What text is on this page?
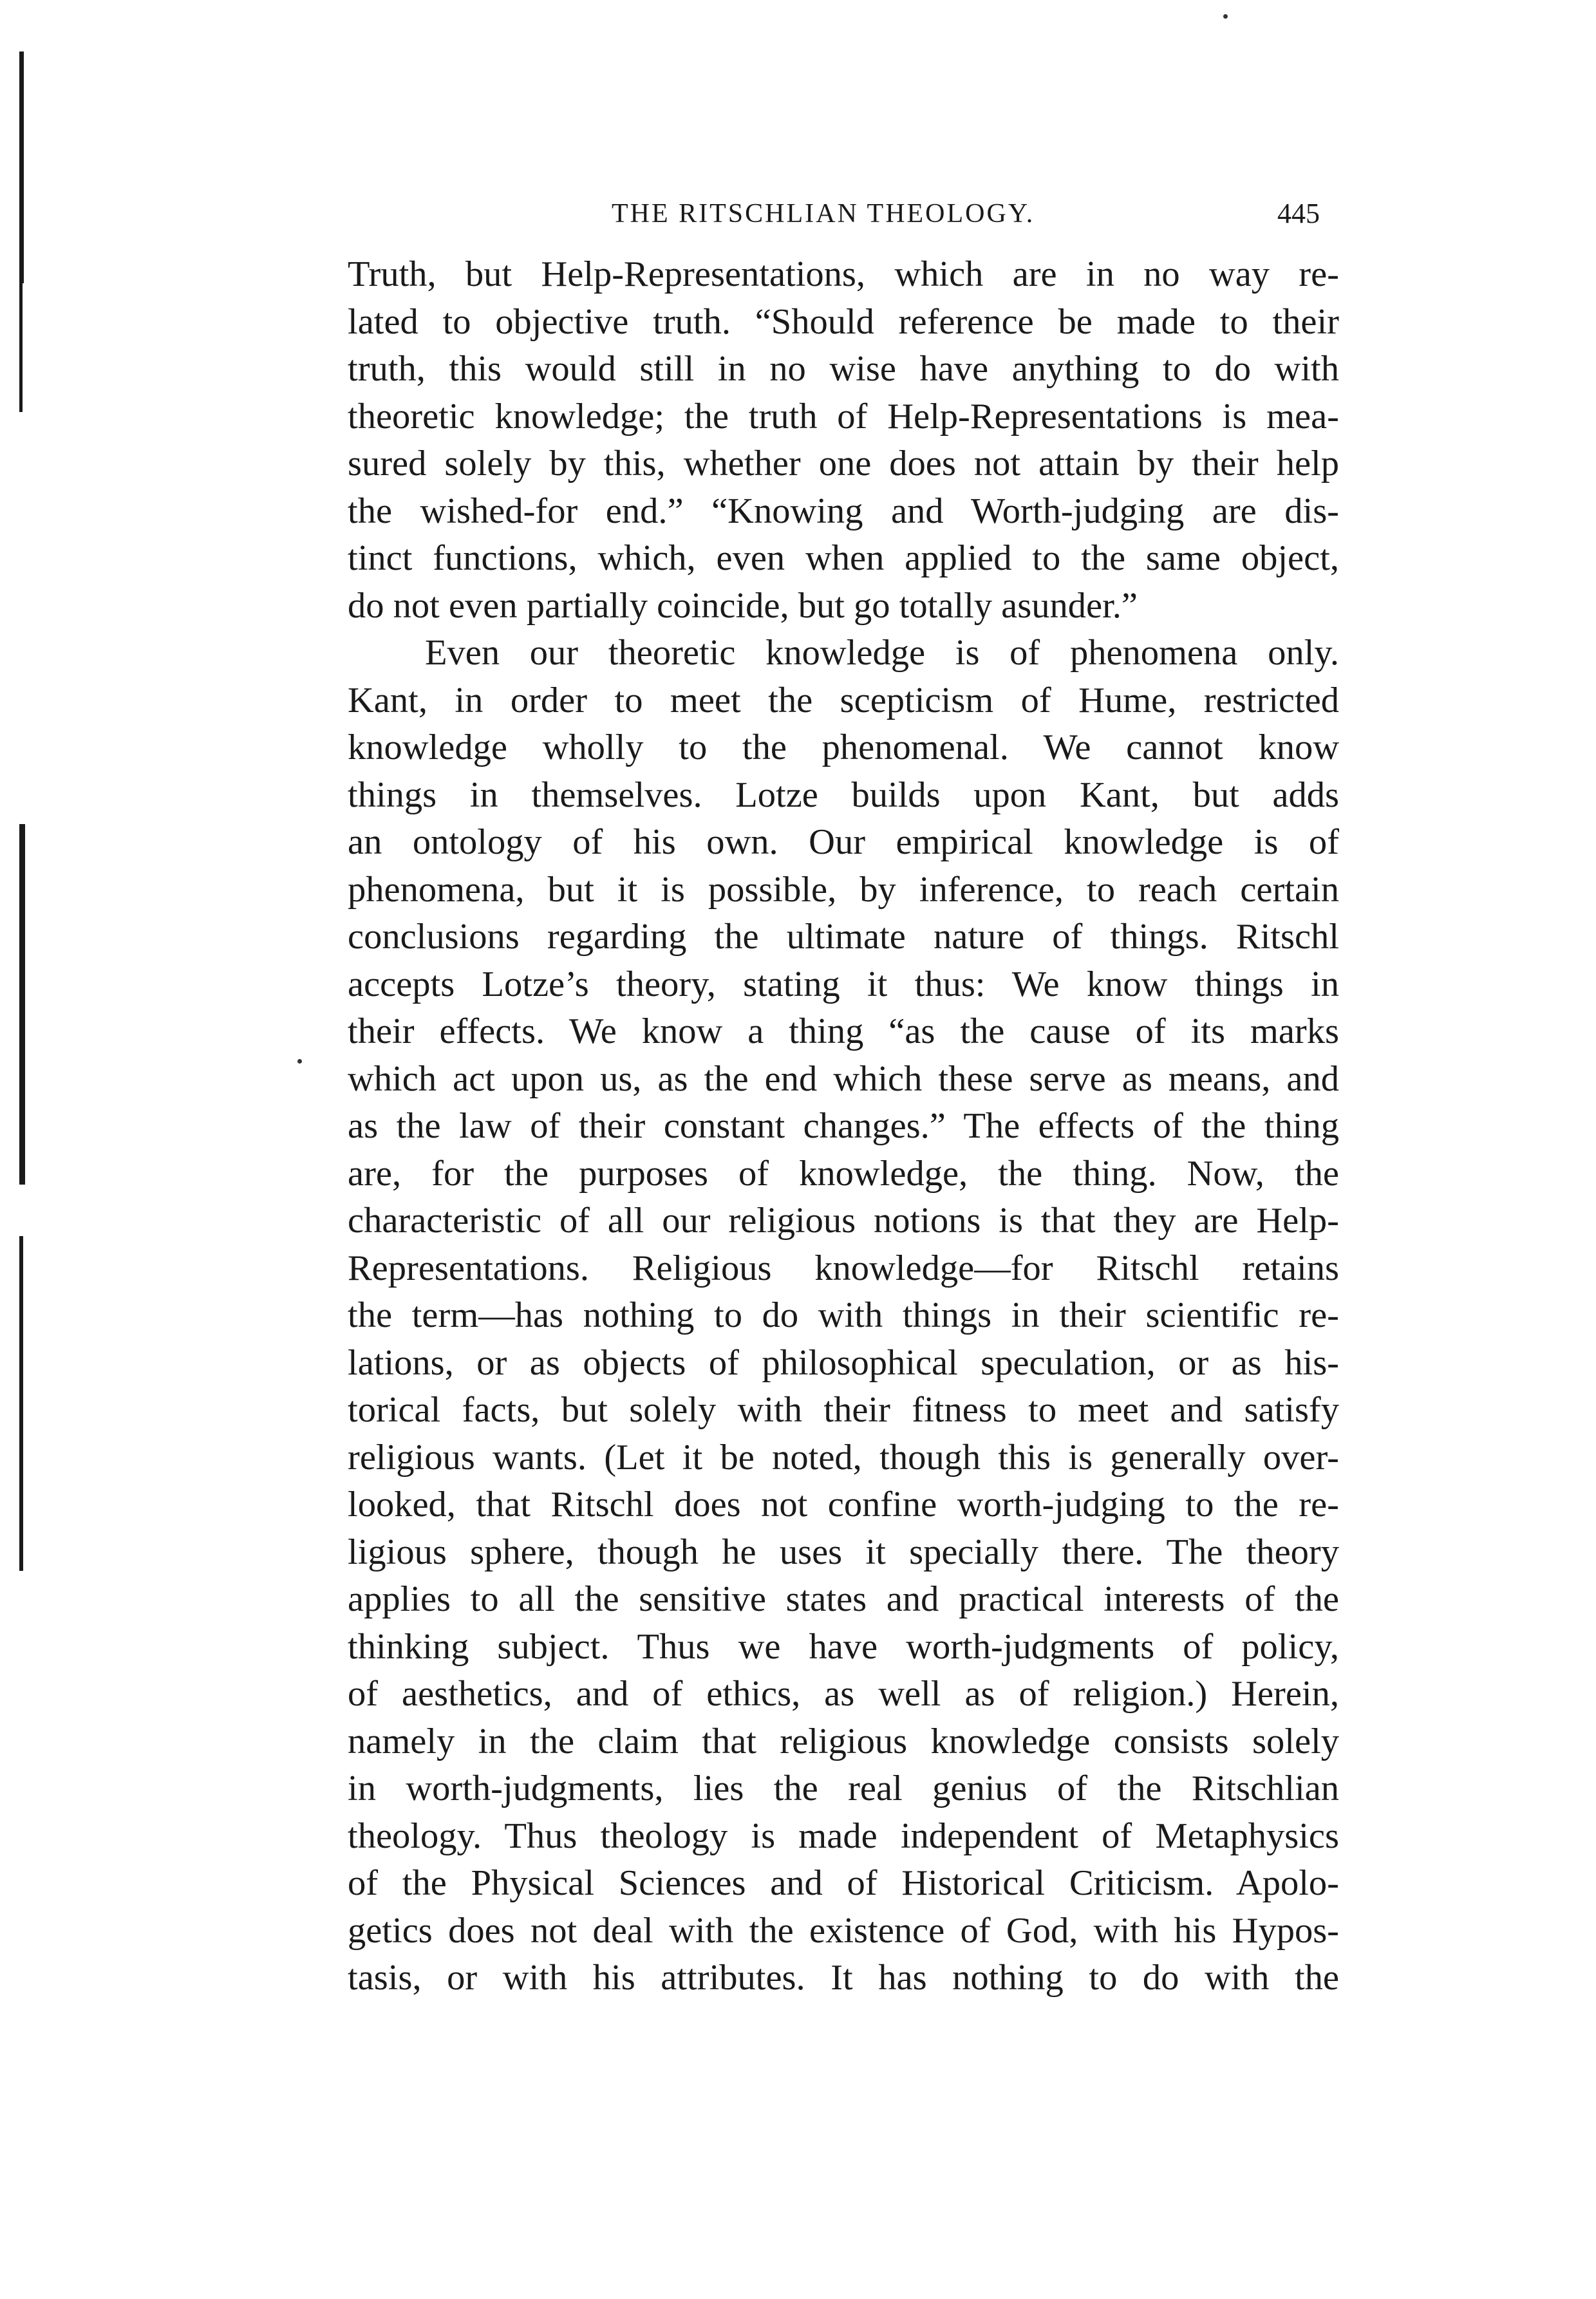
THE RITSCHLIAN THEOLOGY.	445
Truth, but Help-Representations, which are in no way re-
lated to objective truth. “Should reference be made to their
truth, this would still in no wise have anything to do with
theoretic knowledge; the truth of Help-Representations is mea-
sured solely by this, whether one does not attain by their help
the wished-for end.” “Knowing and Worth-judging are dis-
tinct functions, which, even when applied to the same object,
do not even partially coincide, but go totally asunder.”
Even our theoretic knowledge is of phenomena only.
Kant, in order to meet the scepticism of Hume, restricted
knowledge wholly to the phenomenal. We cannot know
things in themselves. Lotze builds upon Kant, but adds
an ontology of his own. Our empirical knowledge is of
phenomena, but it is possible, by inference, to reach certain
conclusions regarding the ultimate nature of things. Ritschl
accepts Lotze’s theory, stating it thus: We know things in
their effects. We know a thing “as the cause of its marks
which act upon us, as the end which these serve as means, and
as the law of their constant changes.” The effects of the thing
are, for the purposes of knowledge, the thing. Now, the
characteristic of all our religious notions is that they are Help-
Representations. Religious knowledge—for Ritschl retains
the term—has nothing to do with things in their scientific re-
lations, or as objects of philosophical speculation, or as his-
torical facts, but solely with their fitness to meet and satisfy
religious wants. (Let it be noted, though this is generally over-
looked, that Ritschl does not confine worth-judging to the re-
ligious sphere, though he uses it specially there. The theory
applies to all the sensitive states and practical interests of the
thinking subject. Thus we have worth-judgments of policy,
of aesthetics, and of ethics, as well as of religion.) Herein,
namely in the claim that religious knowledge consists solely
in worth-judgments, lies the real genius of the Ritschlian
theology. Thus theology is made independent of Metaphysics
of the Physical Sciences and of Historical Criticism. Apolo-
getics does not deal with the existence of God, with his Hypos-
tasis, or with his attributes. It has nothing to do with the
